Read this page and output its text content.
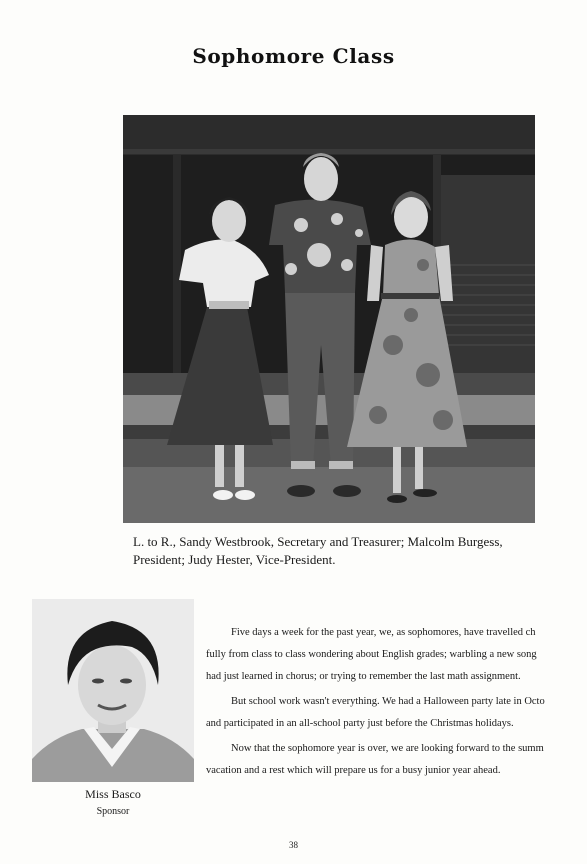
Sophomore Class
L. to R., Sandy Westbrook, Secretary and Treasurer; Malcolm Burgess,
President; Judy Hester, Vice-President.
Miss Basco
Sponsor
Five days a week for the past year, we, as sophomores, have travelled ch
fully from class to class wondering about English grades; warbling a new song
had just learned in chorus; or trying to remember the last math assignment.
But school work wasn't everything. We had a Halloween party late in Octo
and participated in an all-school party just before the Christmas holidays.
Now that the sophomore year is over, we are looking forward to the summ
vacation and a rest which will prepare us for a busy junior year ahead.
38
